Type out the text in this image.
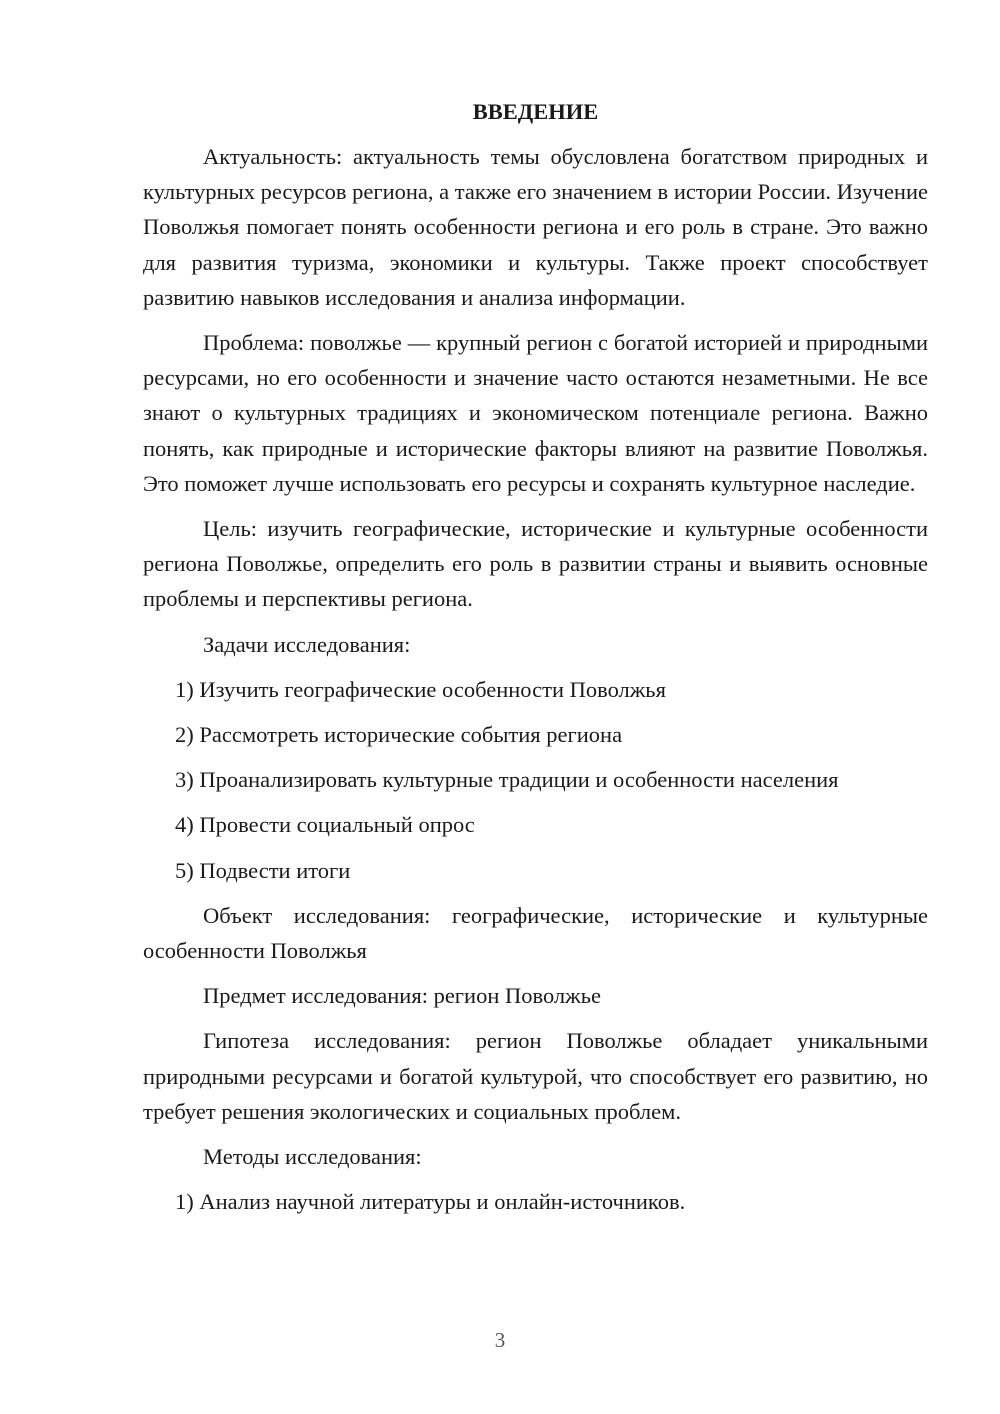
ВВЕДЕНИЕ

Актуальность: актуальность темы обусловлена богатством природных и культурных ресурсов региона, а также его значением в истории России. Изучение Поволжья помогает понять особенности региона и его роль в стране. Это важно для развития туризма, экономики и культуры. Также проект способствует развитию навыков исследования и анализа информации.

Проблема: поволжье — крупный регион с богатой историей и природными ресурсами, но его особенности и значение часто остаются незаметными. Не все знают о культурных традициях и экономическом потенциале региона. Важно понять, как природные и исторические факторы влияют на развитие Поволжья. Это поможет лучше использовать его ресурсы и сохранять культурное наследие.

Цель: изучить географические, исторические и культурные особенности региона Поволжье, определить его роль в развитии страны и выявить основные проблемы и перспективы региона.

Задачи исследования:

1) Изучить географические особенности Поволжья
2) Рассмотреть исторические события региона
3) Проанализировать культурные традиции и особенности населения
4) Провести социальный опрос
5) Подвести итоги

Объект исследования: географические, исторические и культурные особенности Поволжья

Предмет исследования: регион Поволжье

Гипотеза исследования: регион Поволжье обладает уникальными природными ресурсами и богатой культурой, что способствует его развитию, но требует решения экологических и социальных проблем.

Методы исследования:

1) Анализ научной литературы и онлайн-источников.
3
